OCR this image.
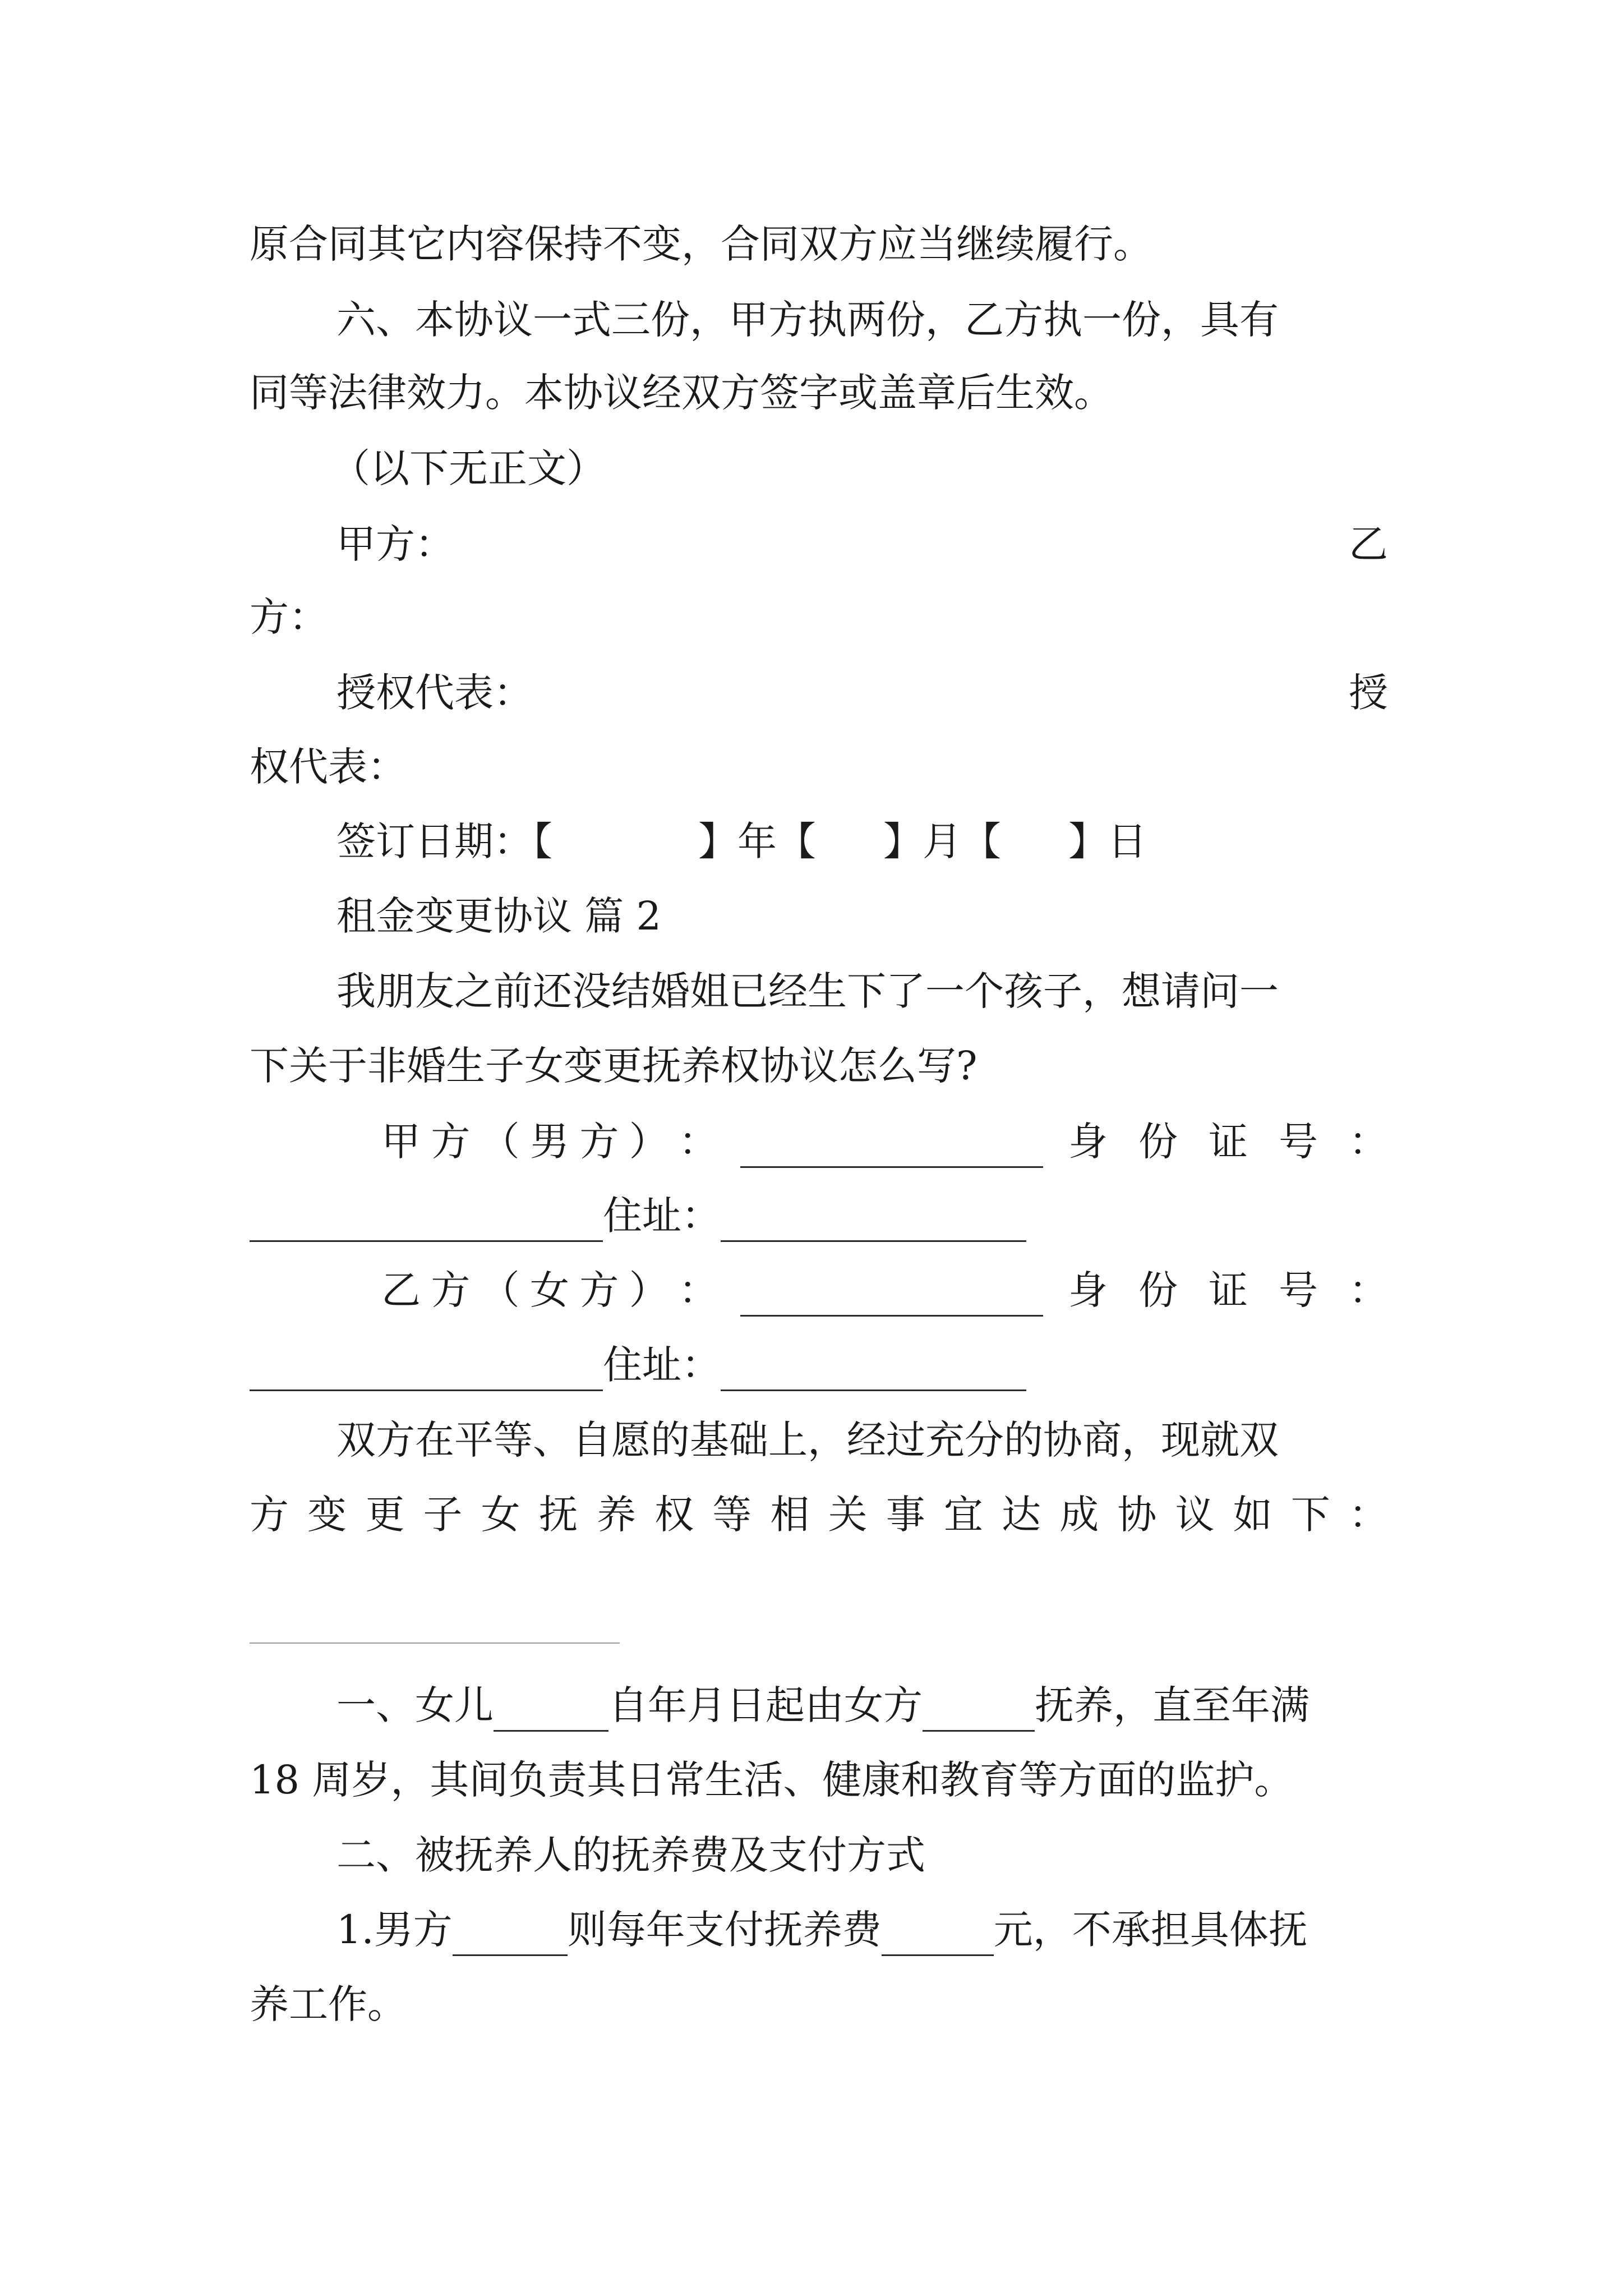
原合同其它内容保持不变，合同双方应当继续履行。
六、本协议一式三份，甲方执两份，乙方执一份，具有
同等法律效力。本协议经双方签字或盖章后生效。
（以下无正文）
甲方：	乙
方：
授权代表：	授
权代表：
签订日期：【	】年【 】月【 】日
租金变更协议 篇 2
我朋友之前还没结婚姐已经生下了一个孩子，想请问一
下关于非婚生子女变更抚养权协议怎么写?
甲 方 （ 男 方 ） ：	身 份 证 号 ：
住址：
乙 方 （ 女 方 ） ：	身 份 证 号 ：
住址：
双方在平等、自愿的基础上，经过充分的协商，现就双
方 变 更 子 女 抚 养 权 等 相 关 事 宜 达 成 协 议 如 下 ：
一、女儿	自年月日起由女方	抚养，直至年满
18 周岁，其间负责其日常生活、健康和教育等方面的监护。
二、被抚养人的抚养费及支付方式
1.男方	则每年支付抚养费	元，不承担具体抚
养工作。
